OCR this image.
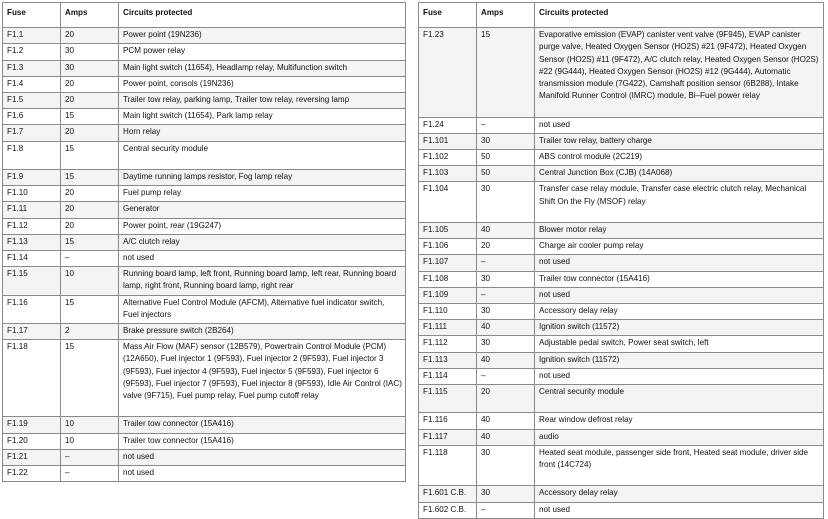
Fuse	Amps	Circuits protected
F1.1	20	Power point (19N236)
F1.2	30	PCM power relay
F1.3	30	Main light switch (11654), Headlamp relay, Multifunction switch
F1.4	20	Power point, consols (19N236)
F1.5	20	Trailer tow relay, parking lamp, Trailer tow relay, reversing lamp
F1.6	15	Main light switch (11654), Park lamp relay
F1.7	20	Horn relay
F1.8	15	Central security module
F1.9	15	Daytime running lamps resistor, Fog lamp relay
F1.10	20	Fuel pump relay
F1.11	20	Generator
F1.12	20	Power point, rear (19G247)
F1.13	15	A/C clutch relay
F1.14	–	not used
F1.15	10	Running board lamp, left front, Running board lamp, left rear, Running board lamp, right front, Running board lamp, right rear
F1.16	15	Alternative Fuel Control Module (AFCM), Alternative fuel indicator switch, Fuel injectors
F1.17	2	Brake pressure switch (2B264)
F1.18	15	Mass Air Flow (MAF) sensor (12B579), Powertrain Control Module (PCM) (12A650), Fuel injector 1 (9F593), Fuel injector 2 (9F593), Fuel injector 3 (9F593), Fuel injector 4 (9F593), Fuel injector 5 (9F593), Fuel injector 6 (9F593), Fuel injector 7 (9F593), Fuel injector 8 (9F593), Idle Air Control (IAC) valve (9F715), Fuel pump relay, Fuel pump cutoff relay
F1.19	10	Trailer tow connector (15A416)
F1.20	10	Trailer tow connector (15A416)
F1.21	–	not used
F1.22	–	not used
Fuse	Amps	Circuits protected
F1.23	15	Evaporative emission (EVAP) canister vent valve (9F945), EVAP canister purge valve, Heated Oxygen Sensor (HO2S) #21 (9F472), Heated Oxygen Sensor (HO2S) #11 (9F472), A/C clutch relay, Heated Oxygen Sensor (HO2S) #22 (9G444), Heated Oxygen Sensor (HO2S) #12 (9G444), Automatic transmission module (7G422), Camshaft position sensor (6B288), Intake Manifold Runner Control (IMRC) module, Bi–Fuel power relay
F1.24	–	not used
F1.101	30	Trailer tow relay, battery charge
F1.102	50	ABS control module (2C219)
F1.103	50	Central Junction Box (CJB) (14A068)
F1.104	30	Transfer case relay module, Transfer case electric clutch relay, Mechanical Shift On the Fly (MSOF) relay
F1.105	40	Blower motor relay
F1.106	20	Charge air cooler pump relay
F1.107	–	not used
F1.108	30	Trailer tow connector (15A416)
F1.109	–	not used
F1.110	30	Accessory delay relay
F1.111	40	Ignition switch (11572)
F1.112	30	Adjustable pedal switch, Power seat switch, left
F1.113	40	Ignition switch (11572)
F1.114	–	not used
F1.115	20	Central security module
F1.116	40	Rear window defrost relay
F1.117	40	audio
F1.118	30	Heated seat module, passenger side front, Heated seat module, driver side front (14C724)
F1.601 C.B.	30	Accessory delay relay
F1.602 C.B.	–	not used
